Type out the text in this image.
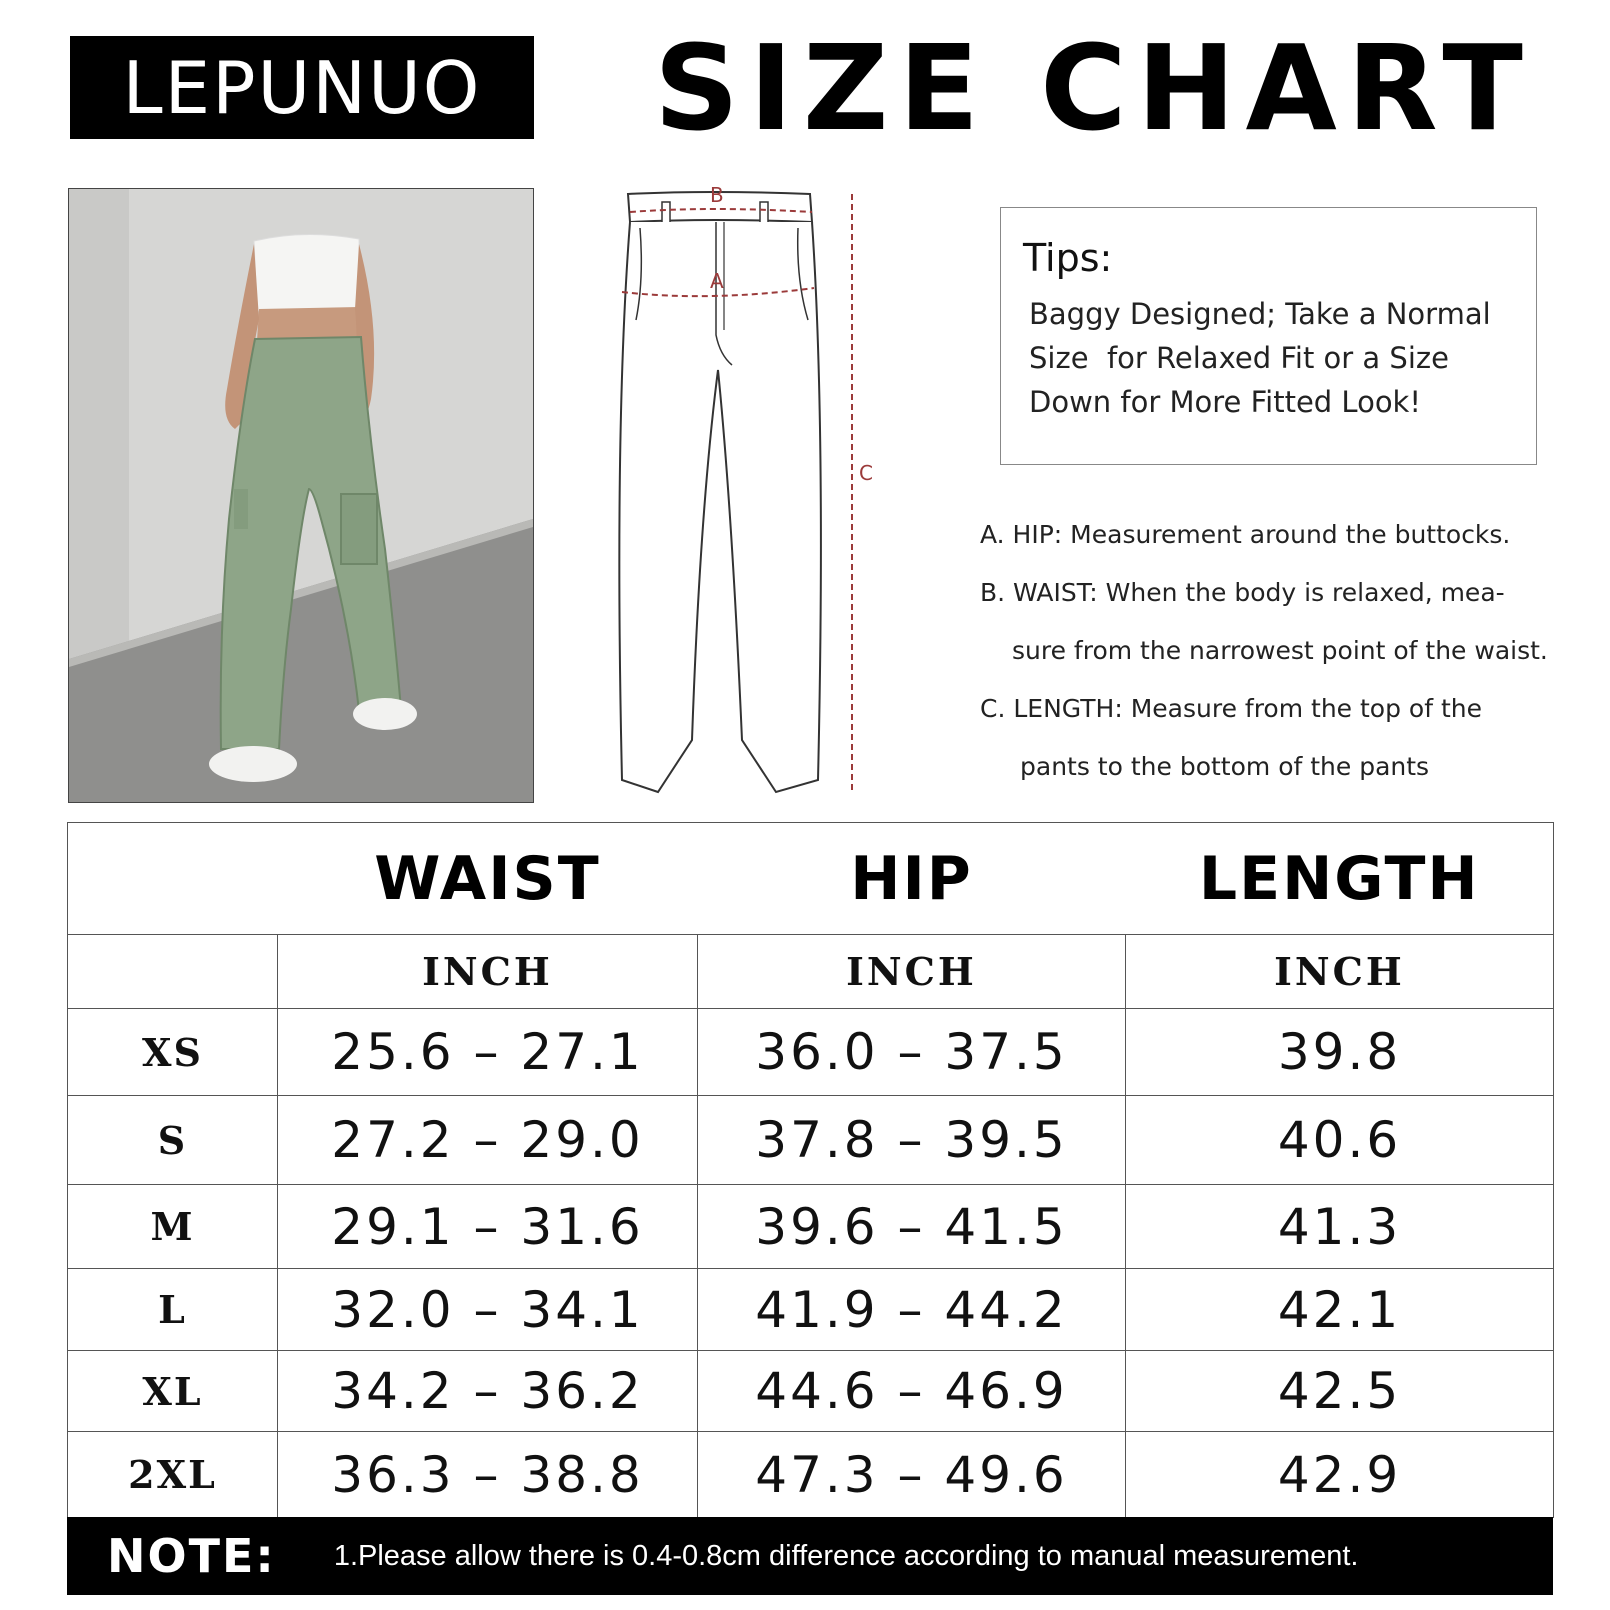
LEPUNUO SIZE CHART
B
A
C
Tips:
Baggy Designed; Take a Normal
Size  for Relaxed Fit or a Size
Down for More Fitted Look!
A. HIP: Measurement around the buttocks.
B. WAIST: When the body is relaxed, mea-
sure from the narrowest point of the waist.
C. LENGTH: Measure from the top of the
pants to the bottom of the pants
	WAIST	HIP	LENGTH
	INCH	INCH	INCH
XS	25.6 – 27.1	36.0 – 37.5	39.8
S	27.2 – 29.0	37.8 – 39.5	40.6
M	29.1 – 31.6	39.6 – 41.5	41.3
L	32.0 – 34.1	41.9 – 44.2	42.1
XL	34.2 – 36.2	44.6 – 46.9	42.5
2XL	36.3 – 38.8	47.3 – 49.6	42.9
NOTE: 1.Please allow there is 0.4-0.8cm difference according to manual measurement.
